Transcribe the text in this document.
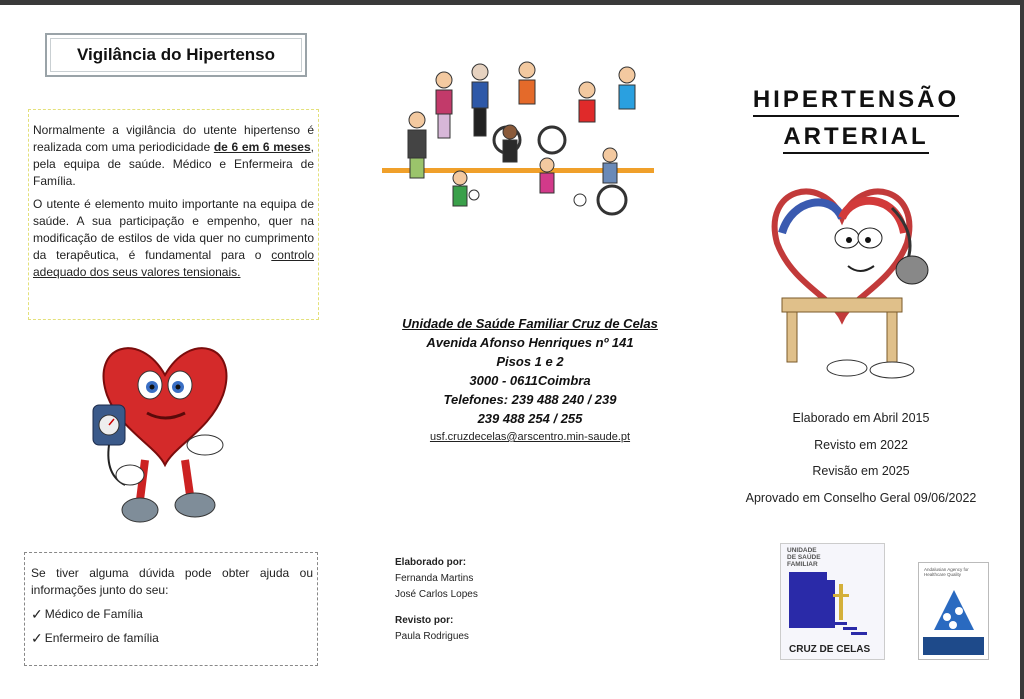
Vigilância do Hipertenso

Normalmente a vigilância do utente hipertenso é realizada com uma periodicidade de 6 em 6 meses, pela equipa de saúde. Médico e Enfermeira de Família.

O utente é elemento muito importante na equipa de saúde. A sua participação e empenho, quer na modificação de estilos de vida quer no cumprimento da terapêutica, é fundamental para o controlo adequado dos seus valores tensionais.

Se tiver alguma dúvida pode obter ajuda ou informações junto do seu:
✓ Médico de Família
✓ Enfermeiro de família
Unidade de Saúde Familiar Cruz de Celas
Avenida Afonso Henriques nº 141
Pisos 1 e 2
3000 - 0611Coimbra
Telefones: 239 488 240 / 239
239 488 254 / 255
usf.cruzdecelas@arscentro.min-saude.pt
Elaborado por:
Fernanda Martins
José Carlos Lopes
Revisto por:
Paula Rodrigues
HIPERTENSÃO
ARTERIAL
Elaborado em Abril 2015
Revisto em 2022
Revisão em 2025
Aprovado em Conselho Geral 09/06/2022
UNIDADE
DE SAÚDE
FAMILIAR
CRUZ DE CELAS
Andalusian Agency for Healthcare Quality
